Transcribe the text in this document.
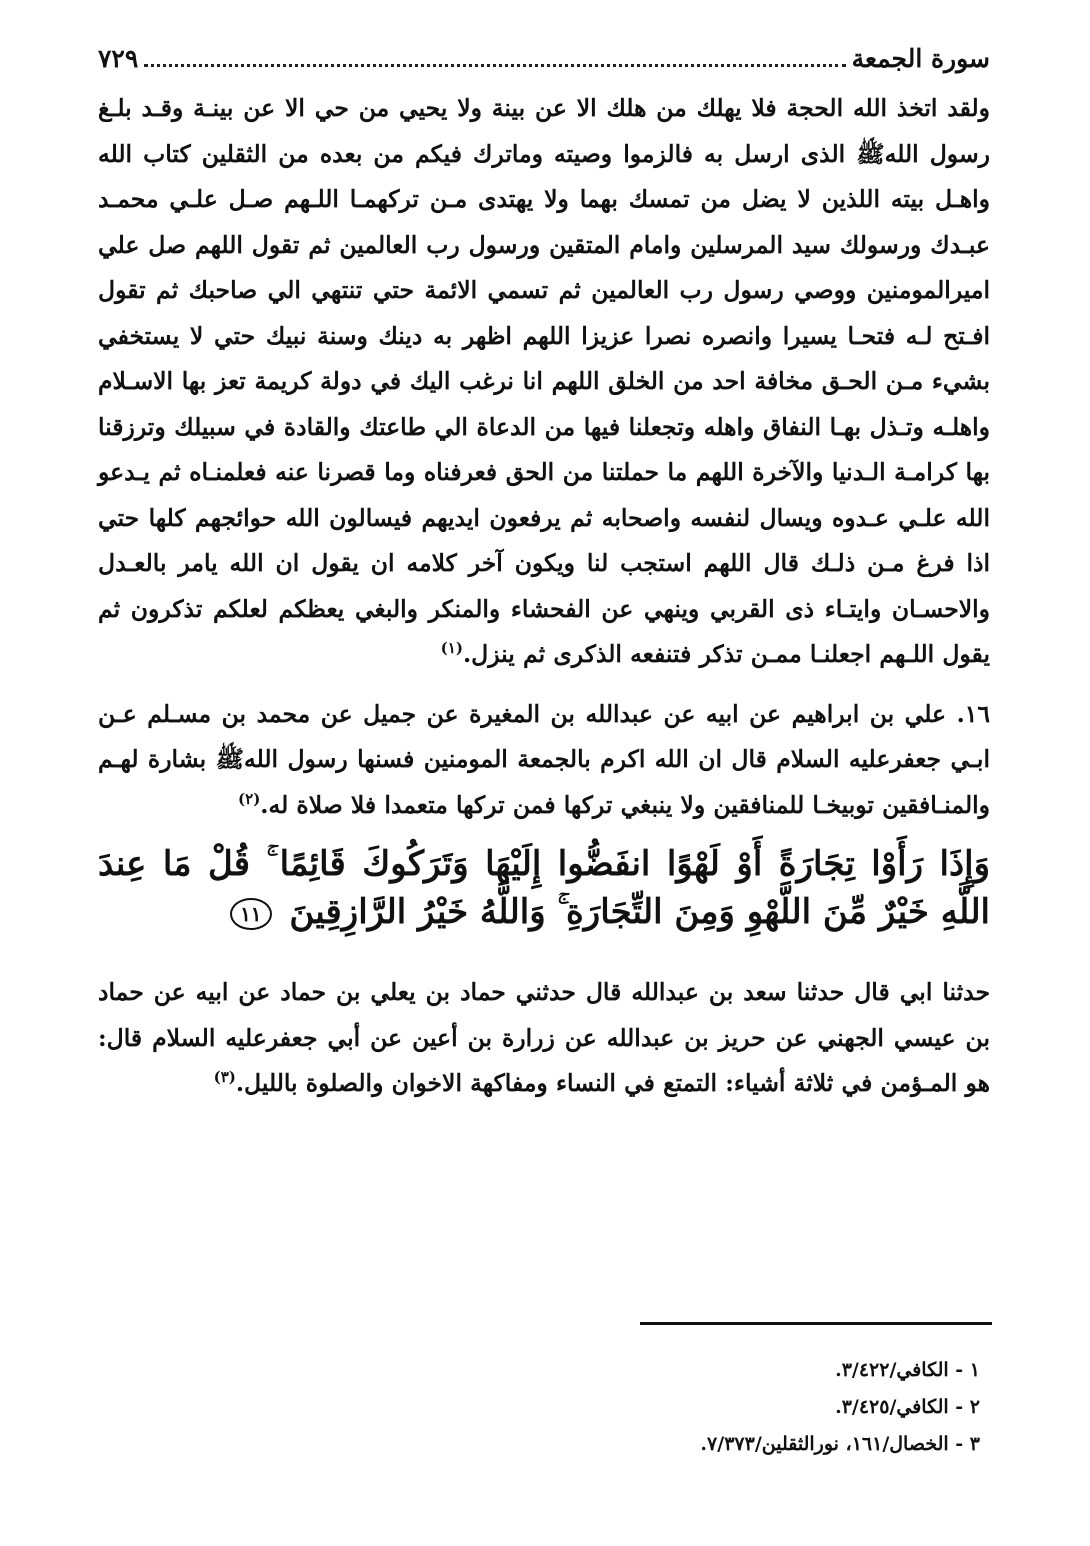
٧٢٩	سورة الجمعة

ولقد اتخذ الله الحجة فلا يهلك من هلك الا عن بينة ولا يحيي من حي الا عن بينـة وقـد بلـغ رسول اللهﷺ الذى ارسل به فالزموا وصيته وماترك فيكم من بعده من الثقلين كتاب الله واهـل بيته اللذين لا يضل من تمسك بهما ولا يهتدى مـن تركهمـا اللـهم صـل علـي محمـد عبـدك ورسولك سيد المرسلين وامام المتقين ورسول رب العالمين ثم تقول اللهم صل علي اميرالمومنين ووصي رسول رب العالمين ثم تسمي الائمة حتي تنتهي الي صاحبك ثم تقول افـتح لـه فتحـا يسيرا وانصره نصرا عزيزا اللهم اظهر به دينك وسنة نبيك حتي لا يستخفي بشيء مـن الحـق مخافة احد من الخلق اللهم انا نرغب اليك في دولة كريمة تعز بها الاسـلام واهلـه وتـذل بهـا النفاق واهله وتجعلنا فيها من الدعاة الي طاعتك والقادة في سبيلك وترزقنا بها كرامـة الـدنيا والآخرة اللهم ما حملتنا من الحق فعرفناه وما قصرنا عنه فعلمنـاه ثم يـدعو الله علـي عـدوه ويسال لنفسه واصحابه ثم يرفعون ايديهم فيسالون الله حوائجهم كلها حتي اذا فرغ مـن ذلـك قال اللهم استجب لنا ويكون آخر كلامه ان يقول ان الله يامر بالعـدل والاحسـان وايتـاء ذى القربي وينهي عن الفحشاء والمنكر والبغي يعظكم لعلكم تذكرون ثم يقول اللـهم اجعلنـا ممـن تذكر فتنفعه الذكرى ثم ينزل.$^{(١)}$

١٦. علي بن ابراهيم عن ابيه عن عبدالله بن المغيرة عن جميل عن محمد بن مسـلم عـن ابـي جعفرعليه السلام قال ان الله اكرم بالجمعة المومنين فسنها رسول اللهﷺ بشارة لهـم والمنـافقين توبيخـا للمنافقين ولا ينبغي تركها فمن تركها متعمدا فلا صلاة له.$^{(٢)}$

وَإِذَا رَأَوْا تِجَارَةً أَوْ لَهْوًا انفَضُّوا إِلَيْهَا وَتَرَكُوكَ قَائِمًا ۚ قُلْ مَا عِندَ اللَّهِ خَيْرٌ مِّنَ اللَّهْوِ وَمِنَ التِّجَارَةِ ۚ وَاللَّهُ خَيْرُ الرَّازِقِينَ ١١

حدثنا ابي قال حدثنا سعد بن عبدالله قال حدثني حماد بن يعلي بن حماد عن ابيه عن حماد بن عيسي الجهني عن حريز بن عبدالله عن زرارة بن أعين عن أبي جعفرعليه السلام قال: هو المـؤمن في ثلاثة أشياء: التمتع في النساء ومفاكهة الاخوان والصلوة بالليل.$^{(٣)}$

١ - الكافي/٣/٤٢٢.
٢ - الكافي/٣/٤٢٥.
٣ - الخصال/١٦١، نورالثقلين/٧/٣٧٣.
